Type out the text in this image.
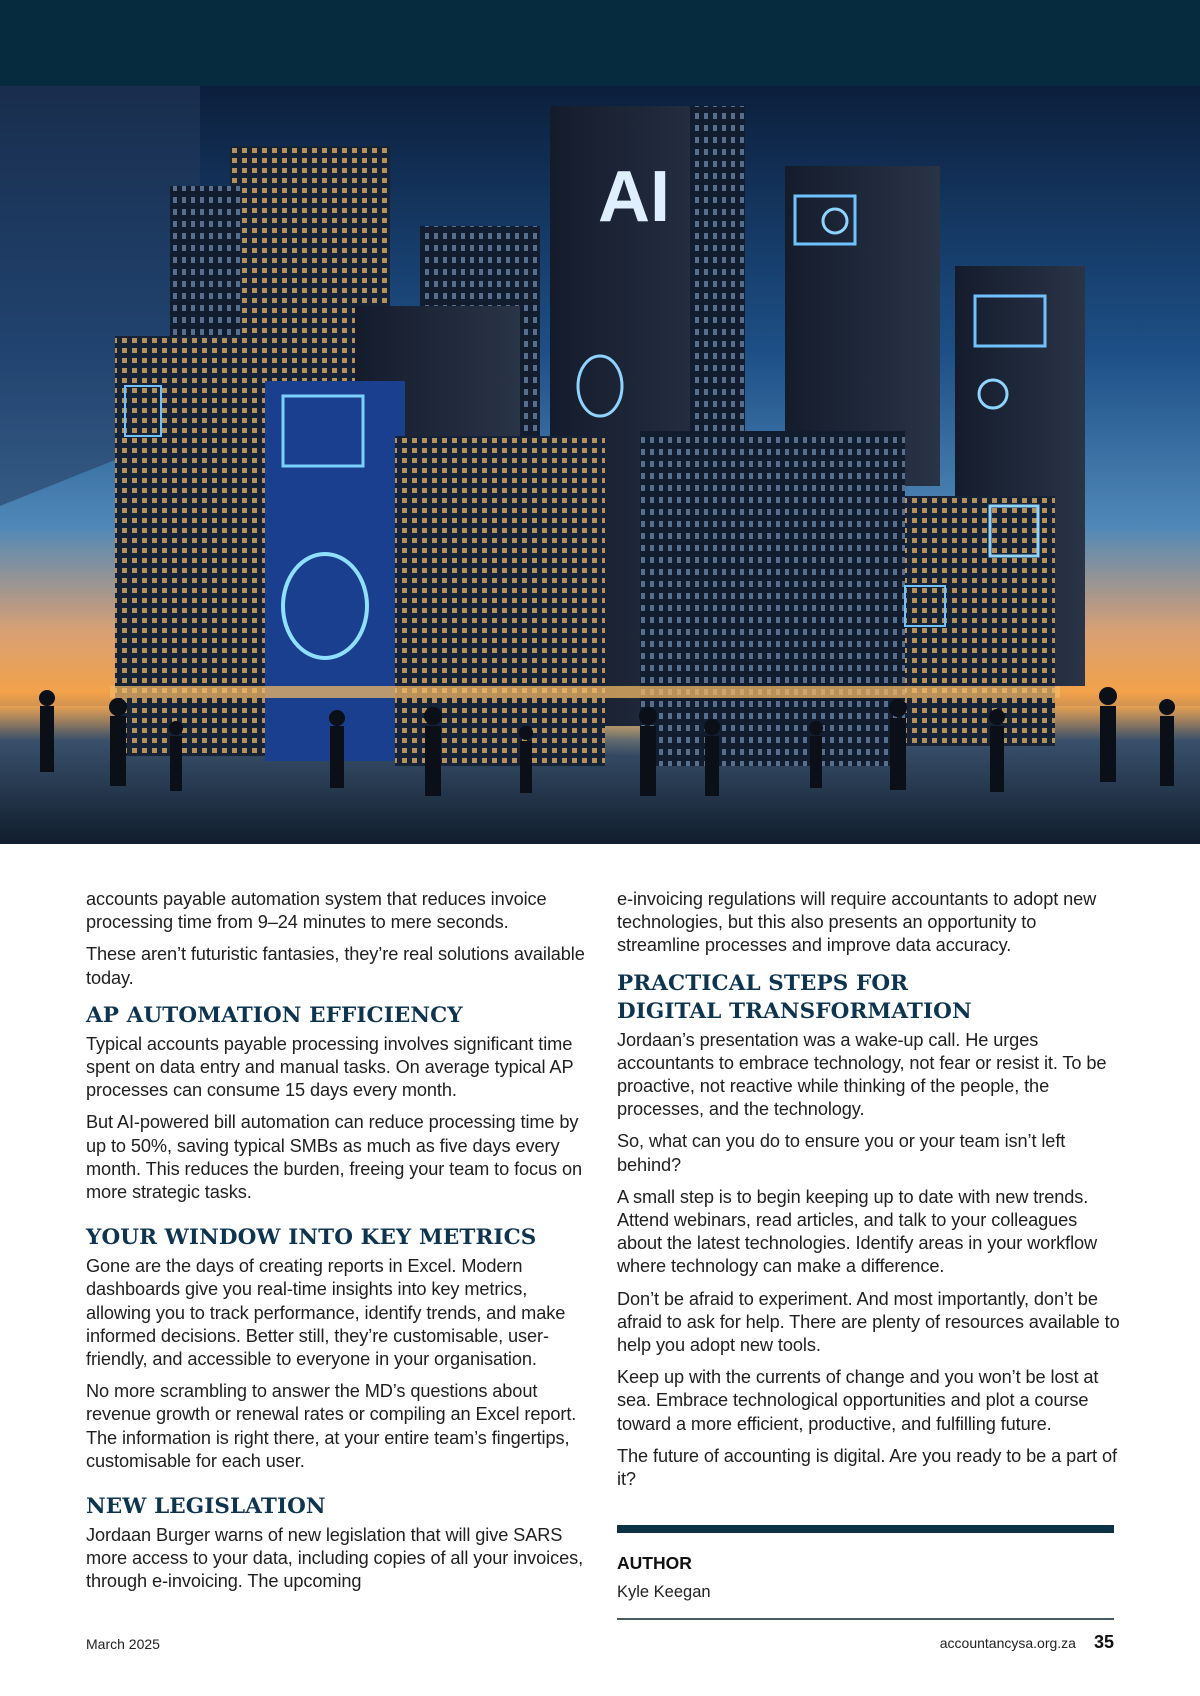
AI

accounts payable automation system that reduces invoice processing time from 9–24 minutes to mere seconds.

These aren’t futuristic fantasies, they’re real solutions available today.

AP AUTOMATION EFFICIENCY

Typical accounts payable processing involves significant time spent on data entry and manual tasks. On average typical AP processes can consume 15 days every month.

But AI-powered bill automation can reduce processing time by up to 50%, saving typical SMBs as much as five days every month. This reduces the burden, freeing your team to focus on more strategic tasks.

YOUR WINDOW INTO KEY METRICS

Gone are the days of creating reports in Excel. Modern dashboards give you real-time insights into key metrics, allowing you to track performance, identify trends, and make informed decisions. Better still, they’re customisable, user-friendly, and accessible to everyone in your organisation.

No more scrambling to answer the MD’s questions about revenue growth or renewal rates or compiling an Excel report. The information is right there, at your entire team’s fingertips, customisable for each user.

NEW LEGISLATION

Jordaan Burger warns of new legislation that will give SARS more access to your data, including copies of all your invoices, through e-invoicing. The upcoming

e-invoicing regulations will require accountants to adopt new technologies, but this also presents an opportunity to streamline processes and improve data accuracy.

PRACTICAL STEPS FOR
DIGITAL TRANSFORMATION

Jordaan’s presentation was a wake-up call. He urges accountants to embrace technology, not fear or resist it. To be proactive, not reactive while thinking of the people, the processes, and the technology.

So, what can you do to ensure you or your team isn’t left behind?

A small step is to begin keeping up to date with new trends. Attend webinars, read articles, and talk to your colleagues about the latest technologies. Identify areas in your workflow where technology can make a difference.

Don’t be afraid to experiment. And most importantly, don’t be afraid to ask for help. There are plenty of resources available to help you adopt new tools.

Keep up with the currents of change and you won’t be lost at sea. Embrace technological opportunities and plot a course toward a more efficient, productive, and fulfilling future.

The future of accounting is digital. Are you ready to be a part of it?

AUTHOR
Kyle Keegan
March 2025	accountancysa.org.za 35
